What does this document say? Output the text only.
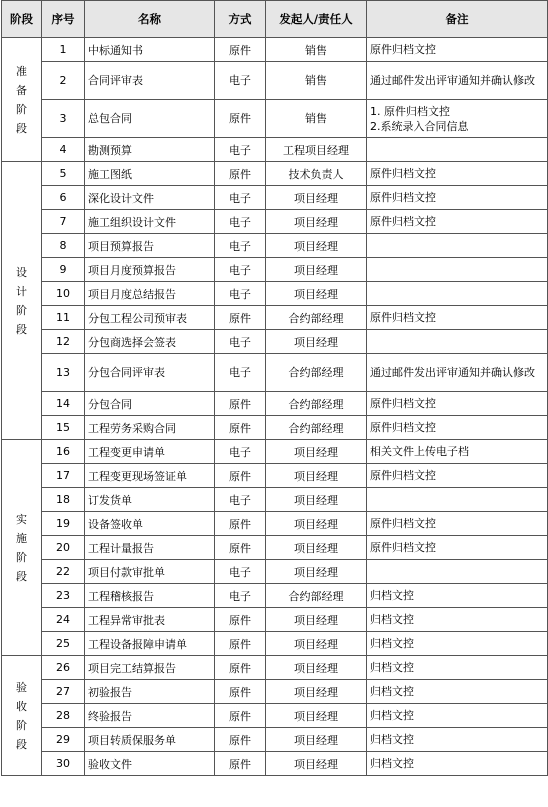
阶段	序号	名称	方式	发起人/责任人	备注
准
备
阶
段	1	中标通知书	原件	销售	原件归档文控
	2	合同评审表	电子	销售	通过邮件发出评审通知并确认修改
	3	总包合同	原件	销售	1. 原件归档文控
2.系统录入合同信息
	4	勘测预算	电子	工程项目经理	
设
计
阶
段	5	施工图纸	原件	技术负责人	原件归档文控
	6	深化设计文件	电子	项目经理	原件归档文控
	7	施工组织设计文件	电子	项目经理	原件归档文控
	8	项目预算报告	电子	项目经理	
	9	项目月度预算报告	电子	项目经理	
	10	项目月度总结报告	电子	项目经理	
	11	分包工程公司预审表	原件	合约部经理	原件归档文控
	12	分包商选择会签表	电子	项目经理	
	13	分包合同评审表	电子	合约部经理	通过邮件发出评审通知并确认修改
	14	分包合同	原件	合约部经理	原件归档文控
	15	工程劳务采购合同	原件	合约部经理	原件归档文控
实
施
阶
段	16	工程变更申请单	电子	项目经理	相关文件上传电子档
	17	工程变更现场签证单	原件	项目经理	原件归档文控
	18	订发货单	电子	项目经理	
	19	设备签收单	原件	项目经理	原件归档文控
	20	工程计量报告	原件	项目经理	原件归档文控
	22	项目付款审批单	电子	项目经理	
	23	工程稽核报告	电子	合约部经理	归档文控
	24	工程异常审批表	原件	项目经理	归档文控
	25	工程设备报障申请单	原件	项目经理	归档文控
验
收
阶
段	26	项目完工结算报告	原件	项目经理	归档文控
	27	初验报告	原件	项目经理	归档文控
	28	终验报告	原件	项目经理	归档文控
	29	项目转质保服务单	原件	项目经理	归档文控
	30	验收文件	原件	项目经理	归档文控
